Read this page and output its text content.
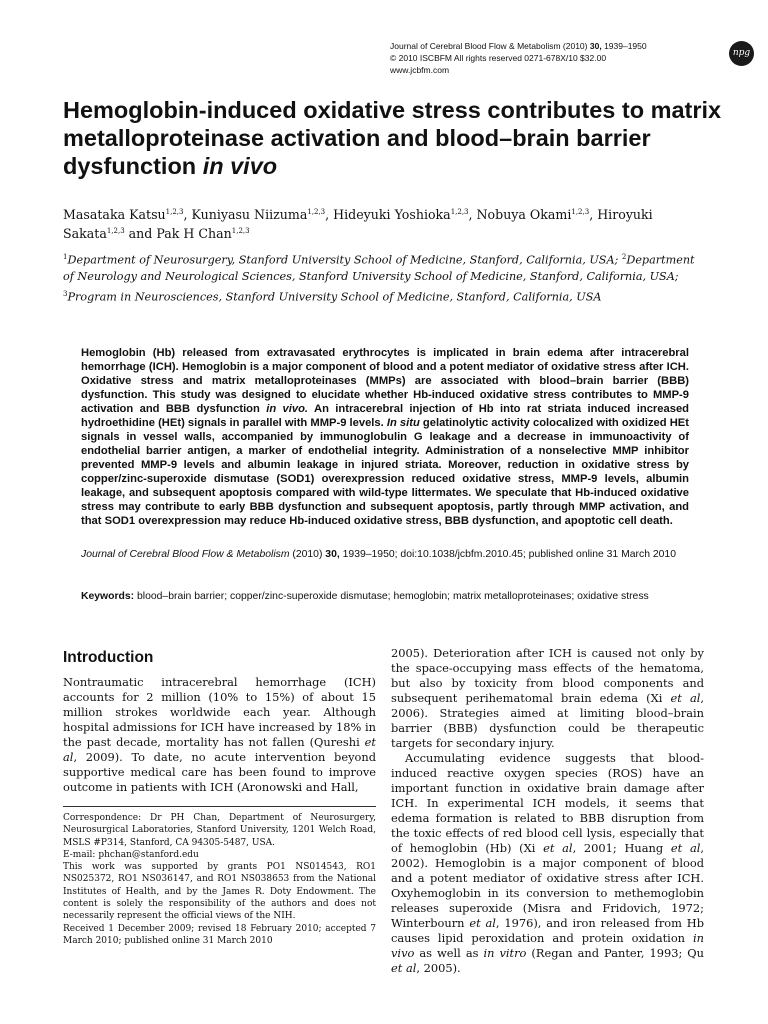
Journal of Cerebral Blood Flow & Metabolism (2010) 30, 1939–1950
© 2010 ISCBFM All rights reserved 0271-678X/10 $32.00
www.jcbfm.com
npg
Hemoglobin-induced oxidative stress contributes to matrix metalloproteinase activation and blood–brain barrier dysfunction in vivo

Masataka Katsu$^{1,2,3}$, Kuniyasu Niizuma$^{1,2,3}$, Hideyuki Yoshioka$^{1,2,3}$, Nobuya Okami$^{1,2,3}$, Hiroyuki Sakata$^{1,2,3}$ and Pak H Chan$^{1,2,3}$

$^1$Department of Neurosurgery, Stanford University School of Medicine, Stanford, California, USA; $^2$Department of Neurology and Neurological Sciences, Stanford University School of Medicine, Stanford, California, USA; $^3$Program in Neurosciences, Stanford University School of Medicine, Stanford, California, USA

Hemoglobin (Hb) released from extravasated erythrocytes is implicated in brain edema after intracerebral hemorrhage (ICH). Hemoglobin is a major component of blood and a potent mediator of oxidative stress after ICH. Oxidative stress and matrix metalloproteinases (MMPs) are associated with blood–brain barrier (BBB) dysfunction. This study was designed to elucidate whether Hb-induced oxidative stress contributes to MMP-9 activation and BBB dysfunction in vivo. An intracerebral injection of Hb into rat striata induced increased hydroethidine (HEt) signals in parallel with MMP-9 levels. In situ gelatinolytic activity colocalized with oxidized HEt signals in vessel walls, accompanied by immunoglobulin G leakage and a decrease in immunoactivity of endothelial barrier antigen, a marker of endothelial integrity. Administration of a nonselective MMP inhibitor prevented MMP-9 levels and albumin leakage in injured striata. Moreover, reduction in oxidative stress by copper/zinc-superoxide dismutase (SOD1) overexpression reduced oxidative stress, MMP-9 levels, albumin leakage, and subsequent apoptosis compared with wild-type littermates. We speculate that Hb-induced oxidative stress may contribute to early BBB dysfunction and subsequent apoptosis, partly through MMP activation, and that SOD1 overexpression may reduce Hb-induced oxidative stress, BBB dysfunction, and apoptotic cell death.

Journal of Cerebral Blood Flow & Metabolism (2010) 30, 1939–1950; doi:10.1038/jcbfm.2010.45; published online 31 March 2010

Keywords: blood–brain barrier; copper/zinc-superoxide dismutase; hemoglobin; matrix metalloproteinases; oxidative stress

Introduction

Nontraumatic intracerebral hemorrhage (ICH) accounts for 2 million (10% to 15%) of about 15 million strokes worldwide each year. Although hospital admissions for ICH have increased by 18% in the past decade, mortality has not fallen (Qureshi et al, 2009). To date, no acute intervention beyond supportive medical care has been found to improve outcome in patients with ICH (Aronowski and Hall,

Correspondence: Dr PH Chan, Department of Neurosurgery, Neurosurgical Laboratories, Stanford University, 1201 Welch Road, MSLS #P314, Stanford, CA 94305-5487, USA.
E-mail: phchan@stanford.edu
This work was supported by grants PO1 NS014543, RO1 NS025372, RO1 NS036147, and RO1 NS038653 from the National Institutes of Health, and by the James R. Doty Endowment. The content is solely the responsibility of the authors and does not necessarily represent the official views of the NIH.
Received 1 December 2009; revised 18 February 2010; accepted 7 March 2010; published online 31 March 2010
2005). Deterioration after ICH is caused not only by the space-occupying mass effects of the hematoma, but also by toxicity from blood components and subsequent perihematomal brain edema (Xi et al, 2006). Strategies aimed at limiting blood–brain barrier (BBB) dysfunction could be therapeutic targets for secondary injury.
Accumulating evidence suggests that blood-induced reactive oxygen species (ROS) have an important function in oxidative brain damage after ICH. In experimental ICH models, it seems that edema formation is related to BBB disruption from the toxic effects of red blood cell lysis, especially that of hemoglobin (Hb) (Xi et al, 2001; Huang et al, 2002). Hemoglobin is a major component of blood and a potent mediator of oxidative stress after ICH. Oxyhemoglobin in its conversion to methemoglobin releases superoxide (Misra and Fridovich, 1972; Winterbourn et al, 1976), and iron released from Hb causes lipid peroxidation and protein oxidation in vivo as well as in vitro (Regan and Panter, 1993; Qu et al, 2005).
